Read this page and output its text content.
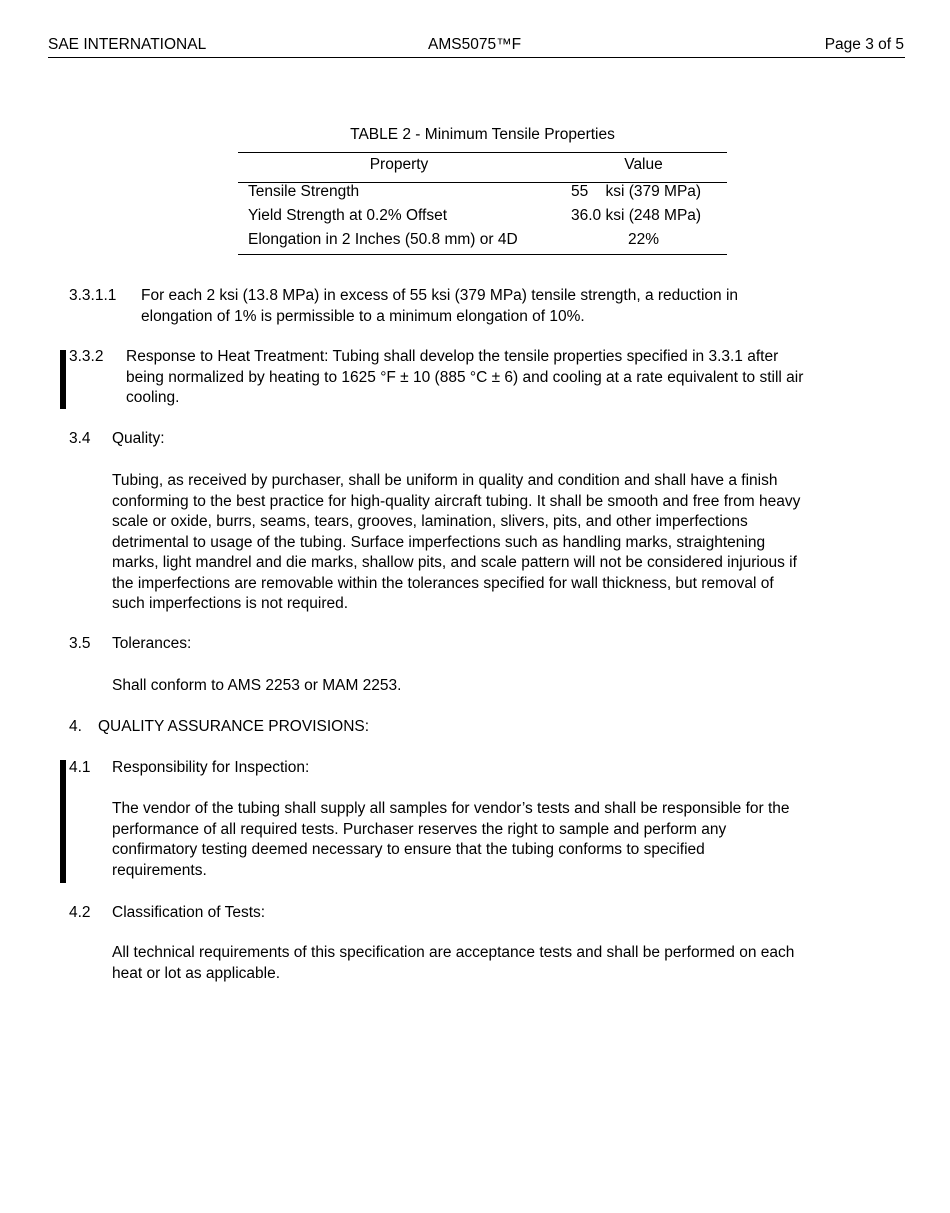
SAE INTERNATIONAL	AMS5075™F	Page 3 of 5
TABLE 2 - Minimum Tensile Properties
Property	Value
Tensile Strength	55    ksi (379 MPa)
Yield Strength at 0.2% Offset	36.0 ksi (248 MPa)
Elongation in 2 Inches (50.8 mm) or 4D	22%
3.3.1.1 For each 2 ksi (13.8 MPa) in excess of 55 ksi (379 MPa) tensile strength, a reduction in
elongation of 1% is permissible to a minimum elongation of 10%.
3.3.2 Response to Heat Treatment: Tubing shall develop the tensile properties specified in 3.3.1 after
being normalized by heating to 1625 °F ± 10 (885 °C ± 6) and cooling at a rate equivalent to still air
cooling.
3.4 Quality:
Tubing, as received by purchaser, shall be uniform in quality and condition and shall have a finish
conforming to the best practice for high-quality aircraft tubing. It shall be smooth and free from heavy
scale or oxide, burrs, seams, tears, grooves, lamination, slivers, pits, and other imperfections
detrimental to usage of the tubing. Surface imperfections such as handling marks, straightening
marks, light mandrel and die marks, shallow pits, and scale pattern will not be considered injurious if
the imperfections are removable within the tolerances specified for wall thickness, but removal of
such imperfections is not required.
3.5 Tolerances:
Shall conform to AMS 2253 or MAM 2253.
4. QUALITY ASSURANCE PROVISIONS:
4.1 Responsibility for Inspection:
The vendor of the tubing shall supply all samples for vendor’s tests and shall be responsible for the
performance of all required tests. Purchaser reserves the right to sample and perform any
confirmatory testing deemed necessary to ensure that the tubing conforms to specified
requirements.
4.2 Classification of Tests:
All technical requirements of this specification are acceptance tests and shall be performed on each
heat or lot as applicable.
